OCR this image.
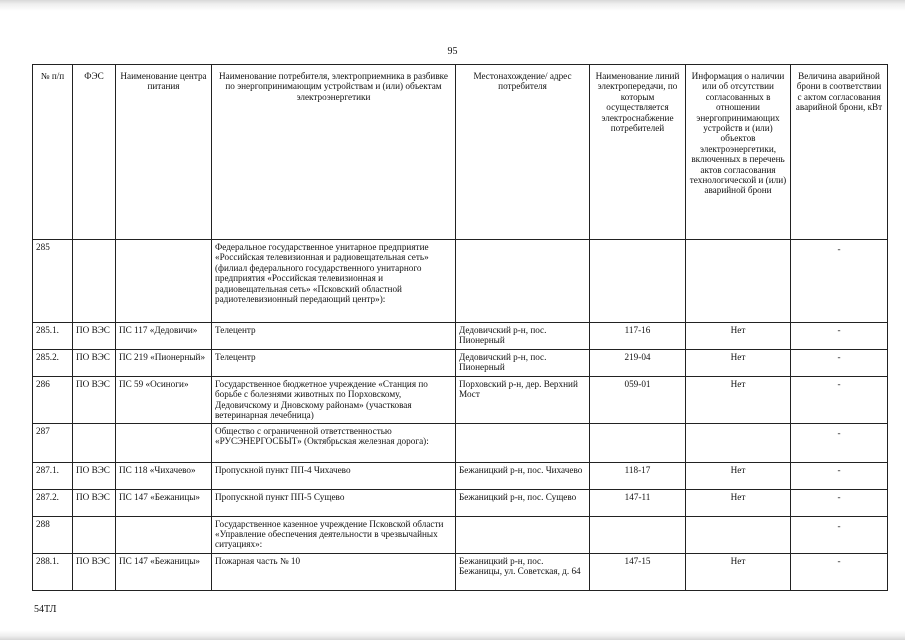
95
№ п/п	ФЭС	Наименование центра питания	Наименование потребителя, электроприемника в разбивке по энергопринимающим устройствам и (или) объектам электроэнергетики	Местонахождение/ адрес потребителя	Наименование линий электропередачи, по которым осуществляется электроснабжение потребителей	Информация о наличии или об отсутствии согласованных в отношении энергопринимающих устройств и (или) объектов электроэнергетики, включенных в перечень актов согласования технологической и (или) аварийной брони	Величина аварийной брони в соответствии с актом согласования аварийной брони, кВт
285			Федеральное государственное унитарное предприятие «Российская телевизионная и радиовещательная сеть» (филиал федерального государственного унитарного предприятия «Российская телевизионная и радиовещательная сеть» «Псковский областной радиотелевизионный передающий центр»):				-
285.1.	ПО ВЭС	ПС 117 «Дедовичи»	Телецентр	Дедовичский р-н, пос. Пионерный	117-16	Нет	-
285.2.	ПО ВЭС	ПС 219 «Пионерный»	Телецентр	Дедовичский р-н, пос. Пионерный	219-04	Нет	-
286	ПО ВЭС	ПС 59 «Осиноги»	Государственное бюджетное учреждение «Станция по борьбе с болезнями животных по Порховскому, Дедовичскому и Дновскому районам» (участковая ветеринарная лечебница)	Порховский р-н, дер. Верхний Мост	059-01	Нет	-
287			Общество с ограниченной ответственностью «РУСЭНЕРГОСБЫТ» (Октябрьская железная дорога):				-
287.1.	ПО ВЭС	ПС 118 «Чихачево»	Пропускной пункт ПП-4 Чихачево	Бежаницкий р-н, пос. Чихачево	118-17	Нет	-
287.2.	ПО ВЭС	ПС 147 «Бежаницы»	Пропускной пункт ПП-5 Сущево	Бежаницкий р-н, пос. Сущево	147-11	Нет	-
288			Государственное казенное учреждение Псковской области «Управление обеспечения деятельности в чрезвычайных ситуациях»:				-
288.1.	ПО ВЭС	ПС 147 «Бежаницы»	Пожарная часть № 10	Бежаницкий р-н, пос. Бежаницы, ул. Советская, д. 64	147-15	Нет	-
54ТЛ
